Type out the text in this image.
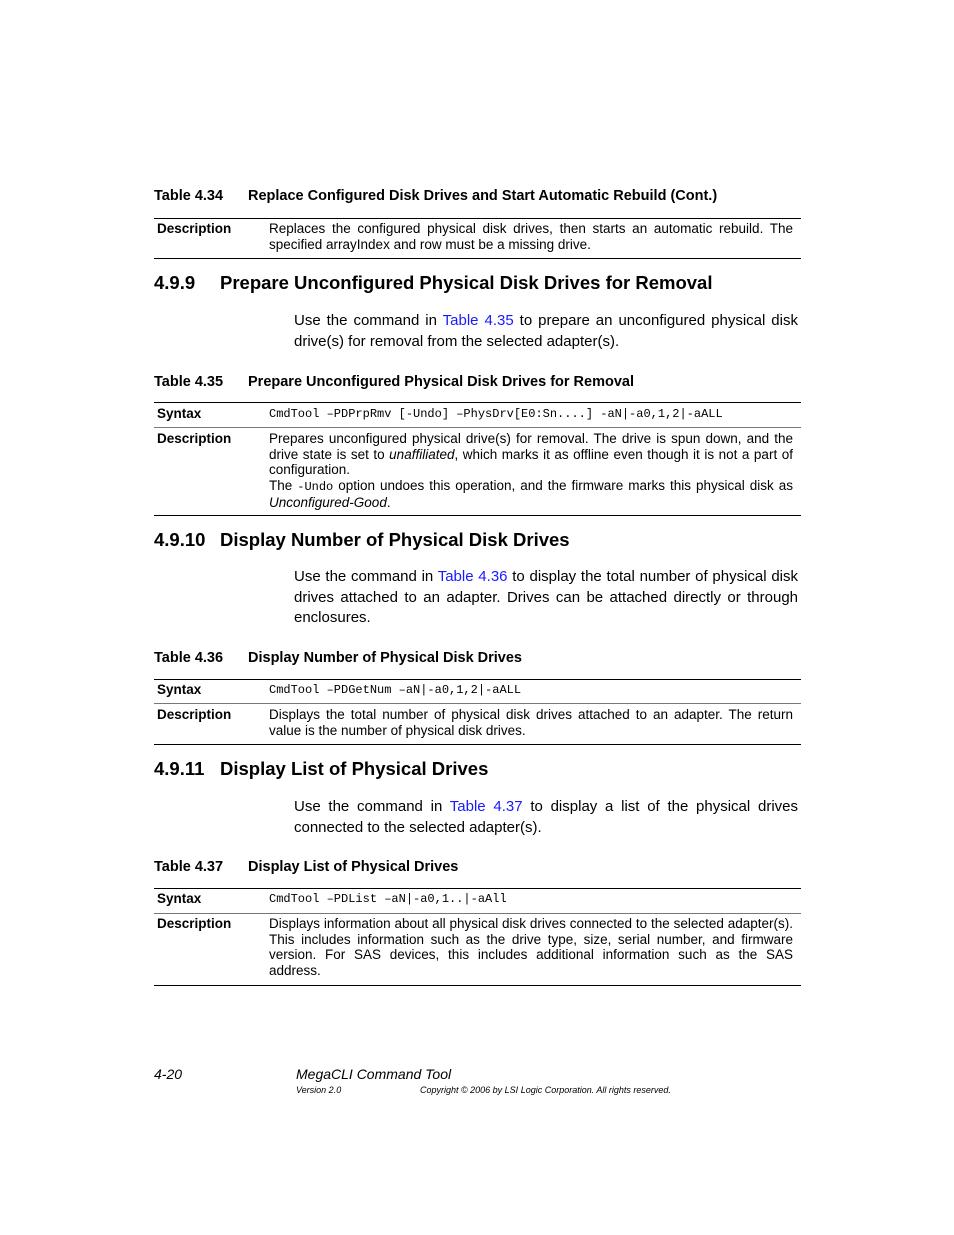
Table 4.34 Replace Configured Disk Drives and Start Automatic Rebuild (Cont.)
Description	Replaces the configured physical disk drives, then starts an automatic rebuild. The specified arrayIndex and row must be a missing drive.
4.9.9 Prepare Unconfigured Physical Disk Drives for Removal
Use the command in Table 4.35 to prepare an unconfigured physical disk drive(s) for removal from the selected adapter(s).
Table 4.35 Prepare Unconfigured Physical Disk Drives for Removal
Syntax	CmdTool –PDPrpRmv [-Undo] –PhysDrv[E0:Sn....] -aN|-a0,1,2|-aALL
Description	Prepares unconfigured physical drive(s) for removal. The drive is spun down, and the drive state is set to unaffiliated, which marks it as offline even though it is not a part of configuration.
The -Undo option undoes this operation, and the firmware marks this physical disk as Unconfigured-Good.
4.9.10 Display Number of Physical Disk Drives
Use the command in Table 4.36 to display the total number of physical disk drives attached to an adapter. Drives can be attached directly or through enclosures.
Table 4.36 Display Number of Physical Disk Drives
Syntax	CmdTool –PDGetNum –aN|-a0,1,2|-aALL
Description	Displays the total number of physical disk drives attached to an adapter. The return value is the number of physical disk drives.
4.9.11 Display List of Physical Drives
Use the command in Table 4.37 to display a list of the physical drives connected to the selected adapter(s).
Table 4.37 Display List of Physical Drives
Syntax	CmdTool –PDList –aN|-a0,1..|-aAll
Description	Displays information about all physical disk drives connected to the selected adapter(s). This includes information such as the drive type, size, serial number, and firmware version. For SAS devices, this includes additional information such as the SAS address.
4-20	MegaCLI Command Tool
Version 2.0	Copyright © 2006 by LSI Logic Corporation. All rights reserved.
